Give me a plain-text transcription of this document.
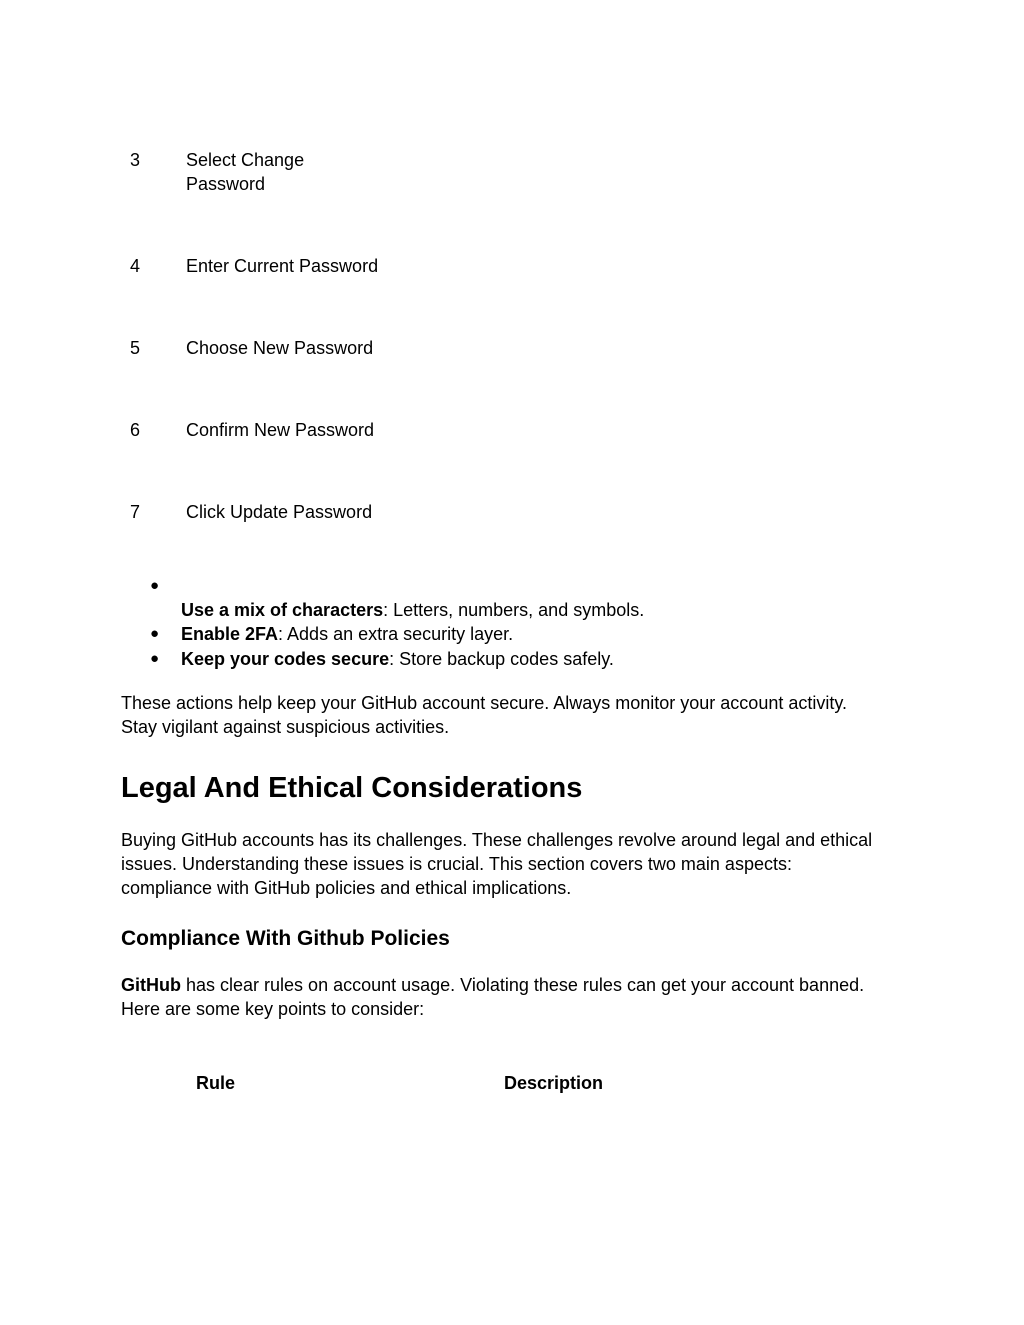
3	Select Change
Password
4	Enter Current Password
5	Choose New Password
6	Confirm New Password
7	Click Update Password
●
Use a mix of characters: Letters, numbers, and symbols.
● Enable 2FA: Adds an extra security layer.
● Keep your codes secure: Store backup codes safely.
These actions help keep your GitHub account secure. Always monitor your account activity.
Stay vigilant against suspicious activities.
Legal And Ethical Considerations
Buying GitHub accounts has its challenges. These challenges revolve around legal and ethical
issues. Understanding these issues is crucial. This section covers two main aspects:
compliance with GitHub policies and ethical implications.
Compliance With Github Policies
GitHub has clear rules on account usage. Violating these rules can get your account banned.
Here are some key points to consider:
Rule	Description
